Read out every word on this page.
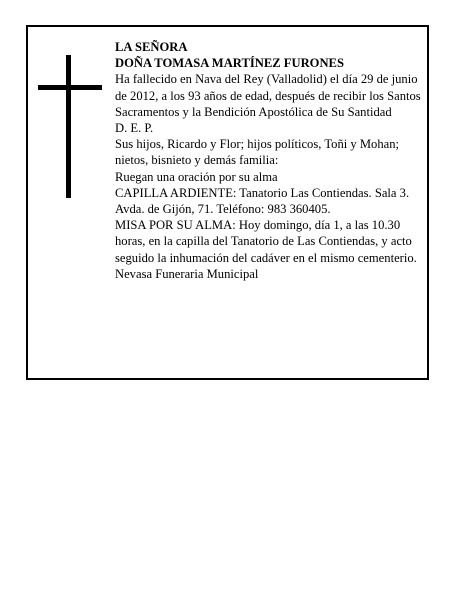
LA SEÑORA

DOÑA TOMASA MARTÍNEZ FURONES

Ha fallecido en Nava del Rey (Valladolid) el día 29 de junio de 2012, a los 93 años de edad, después de recibir los Santos Sacramentos y la Bendición Apostólica de Su Santidad

D. E. P.

Sus hijos, Ricardo y Flor; hijos políticos, Toñi y Mohan; nietos, bisnieto y demás familia:

Ruegan una oración por su alma

CAPILLA ARDIENTE: Tanatorio Las Contiendas. Sala 3. Avda. de Gijón, 71. Teléfono: 983 360405.

MISA POR SU ALMA: Hoy domingo, día 1, a las 10.30 horas, en la capilla del Tanatorio de Las Contiendas, y acto seguido la inhumación del cadáver en el mismo cementerio.

Nevasa Funeraria Municipal
